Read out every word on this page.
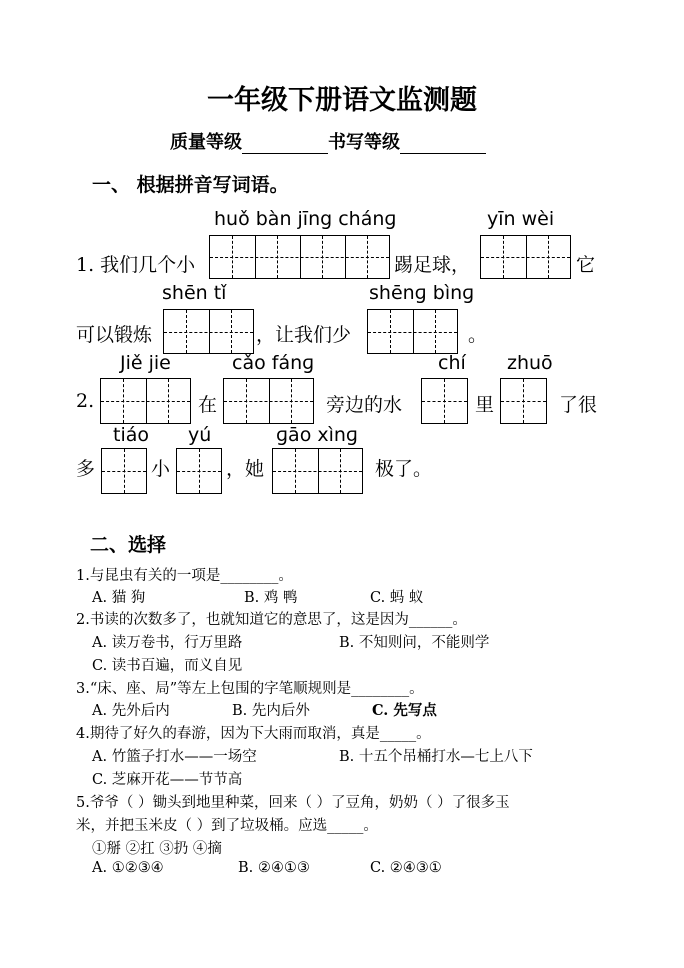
一年级下册语文监测题
质量等级	书写等级
一、 根据拼音写词语。
huǒ bàn jīng chánɡ	yīn wèi
1. 我们几个小	踢足球，	它
shēn tǐ	shēnɡ bìnɡ
可以锻炼	，让我们少	。
Jiě jie	cǎo fánɡ	chí zhuō
2.	在	旁边的水	里	了很
tiáo yú	ɡāo xìnɡ
多	小	，她	极了。
二、选择
1.与昆虫有关的一项是________。
A. 猫 狗	B. 鸡 鸭	C. 蚂 蚁
2.书读的次数多了，也就知道它的意思了，这是因为______。
A. 读万卷书，行万里路	B. 不知则问，不能则学
C. 读书百遍，而义自见
3.“床、座、局”等左上包围的字笔顺规则是________。
A. 先外后内	B. 先内后外	C. 先写点
4.期待了好久的春游，因为下大雨而取消，真是_____。
A. 竹篮子打水——一场空	B. 十五个吊桶打水—七上八下
C. 芝麻开花——节节高
5.爷爷（ ）锄头到地里种菜，回来（ ）了豆角，奶奶（ ）了很多玉
米，并把玉米皮（ ）到了垃圾桶。应选_____。
①掰 ②扛 ③扔 ④摘
A. ①②③④	B. ②④①③	C. ②④③①
